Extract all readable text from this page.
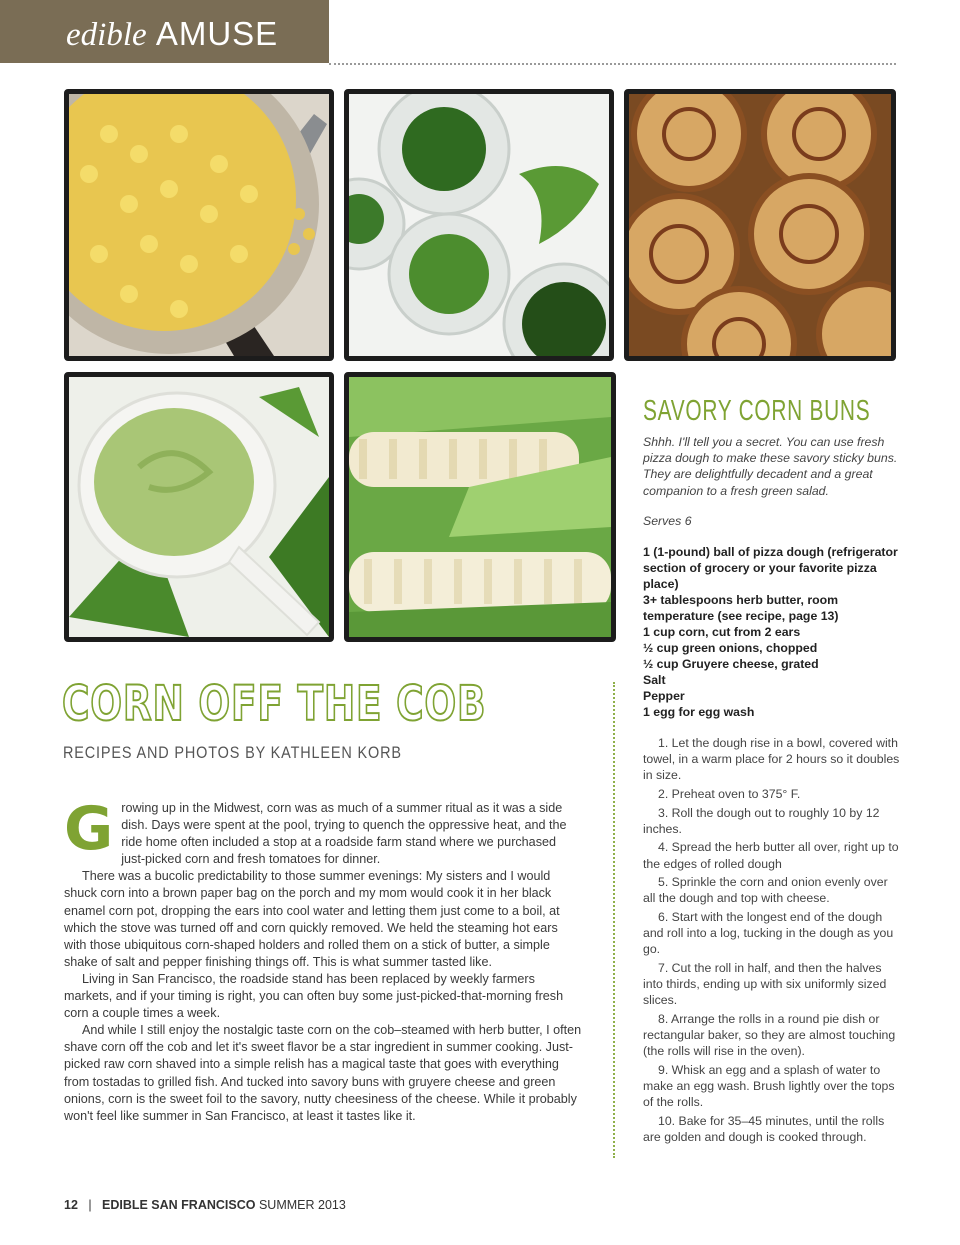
edible AMUSE
CORN OFF THE COB
RECIPES AND PHOTOS BY KATHLEEN KORB

Growing up in the Midwest, corn was as much of a summer ritual as it was a side dish. Days were spent at the pool, trying to quench the oppressive heat, and the ride home often included a stop at a roadside farm stand where we purchased just-picked corn and fresh tomatoes for dinner.

There was a bucolic predictability to those summer evenings: My sisters and I would shuck corn into a brown paper bag on the porch and my mom would cook it in her black enamel corn pot, dropping the ears into cool water and letting them just come to a boil, at which the stove was turned off and corn quickly removed. We held the steaming hot ears with those ubiquitous corn-shaped holders and rolled them on a stick of butter, a simple shake of salt and pepper finishing things off. This is what summer tasted like.

Living in San Francisco, the roadside stand has been replaced by weekly farmers markets, and if your timing is right, you can often buy some just-picked-that-morning fresh corn a couple times a week.

And while I still enjoy the nostalgic taste corn on the cob–steamed with herb butter, I often shave corn off the cob and let it's sweet flavor be a star ingredient in summer cooking. Just-picked raw corn shaved into a simple relish has a magical taste that goes with everything from tostadas to grilled fish. And tucked into savory buns with gruyere cheese and green onions, corn is the sweet foil to the savory, nutty cheesiness of the cheese. While it probably won't feel like summer in San Francisco, at least it tastes like it.

SAVORY CORN BUNS
Shhh. I'll tell you a secret. You can use fresh pizza dough to make these savory sticky buns. They are delightfully decadent and a great companion to a fresh green salad.
Serves 6
1 (1-pound) ball of pizza dough (refrigerator section of grocery or your favorite pizza place)
3+ tablespoons herb butter, room temperature (see recipe, page 13)
1 cup corn, cut from 2 ears
½ cup green onions, chopped
½ cup Gruyere cheese, grated
Salt
Pepper
1 egg for egg wash

1. Let the dough rise in a bowl, covered with towel, in a warm place for 2 hours so it doubles in size.

2. Preheat oven to 375° F.

3. Roll the dough out to roughly 10 by 12 inches.

4. Spread the herb butter all over, right up to the edges of rolled dough

5. Sprinkle the corn and onion evenly over all the dough and top with cheese.

6. Start with the longest end of the dough and roll into a log, tucking in the dough as you go.

7. Cut the roll in half, and then the halves into thirds, ending up with six uniformly sized slices.

8. Arrange the rolls in a round pie dish or rectangular baker, so they are almost touching (the rolls will rise in the oven).

9. Whisk an egg and a splash of water to make an egg wash. Brush lightly over the tops of the rolls.

10. Bake for 35–45 minutes, until the rolls are golden and dough is cooked through.

12 | EDIBLE SAN FRANCISCO SUMMER 2013
